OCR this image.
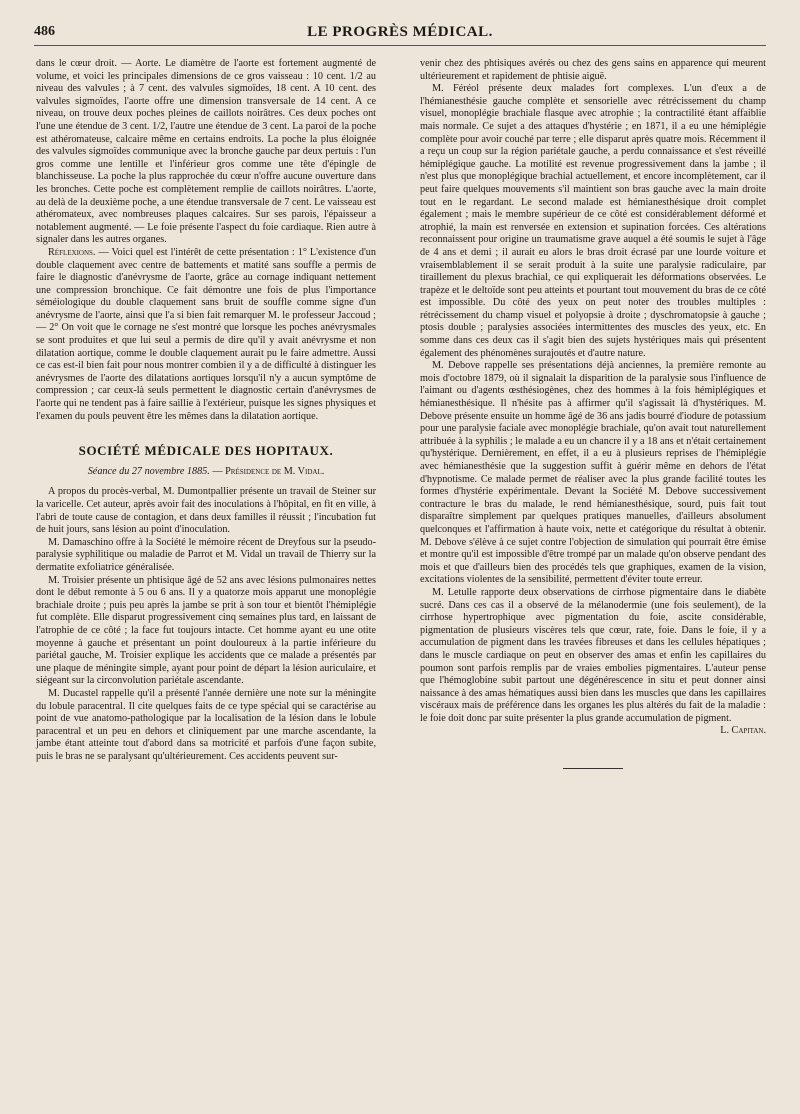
486	LE PROGRÈS MÉDICAL.

dans le cœur droit. — Aorte. Le diamètre de l'aorte est fortement augmenté de volume, et voici les principales dimensions de ce gros vaisseau : 10 cent. 1/2 au niveau des valvules ; à 7 cent. des valvules sigmoïdes, 18 cent. A 10 cent. des valvules sigmoïdes, l'aorte offre une dimension transversale de 14 cent. A ce niveau, on trouve deux poches pleines de caillots noirâtres. Ces deux poches ont l'une une étendue de 3 cent. 1/2, l'autre une étendue de 3 cent. La paroi de la poche est athéromateuse, calcaire même en certains endroits. La poche la plus éloignée des valvules sigmoïdes communique avec la bronche gauche par deux pertuis : l'un gros comme une lentille et l'inférieur gros comme une tête d'épingle de blanchisseuse. La poche la plus rapprochée du cœur n'offre aucune ouverture dans les bronches. Cette poche est complètement remplie de caillots noirâtres. L'aorte, au delà de la deuxième poche, a une étendue transversale de 7 cent. Le vaisseau est athéromateux, avec nombreuses plaques calcaires. Sur ses parois, l'épaisseur a notablement augmenté. — Le foie présente l'aspect du foie cardiaque. Rien autre à signaler dans les autres organes.

Réflexions. — Voici quel est l'intérêt de cette présentation : 1° L'existence d'un double claquement avec centre de battements et matité sans souffle a permis de faire le diagnostic d'anévrysme de l'aorte, grâce au cornage indiquant nettement une compression bronchique. Ce fait démontre une fois de plus l'importance séméiologique du double claquement sans bruit de souffle comme signe d'un anévrysme de l'aorte, ainsi que l'a si bien fait remarquer M. le professeur Jaccoud ; — 2° On voit que le cornage ne s'est montré que lorsque les poches anévrysmales se sont produites et que lui seul a permis de dire qu'il y avait anévrysme et non dilatation aortique, comme le double claquement aurait pu le faire admettre. Aussi ce cas est-il bien fait pour nous montrer combien il y a de difficulté à distinguer les anévrysmes de l'aorte des dilatations aortiques lorsqu'il n'y a aucun symptôme de compression ; car ceux-là seuls permettent le diagnostic certain d'anévrysmes de l'aorte qui ne tendent pas à faire saillie à l'extérieur, puisque les signes physiques et l'examen du pouls peuvent être les mêmes dans la dilatation aortique.

SOCIÉTÉ MÉDICALE DES HOPITAUX.
Séance du 27 novembre 1885. — Présidence de M. Vidal.

A propos du procès-verbal, M. Dumontpallier présente un travail de Steiner sur la varicelle. Cet auteur, après avoir fait des inoculations à l'hôpital, en fit en ville, à l'abri de toute cause de contagion, et dans deux familles il réussit ; l'incubation fut de huit jours, sans lésion au point d'inoculation.

M. Damaschino offre à la Société le mémoire récent de Dreyfous sur la pseudo-paralysie syphilitique ou maladie de Parrot et M. Vidal un travail de Thierry sur la dermatite exfoliatrice généralisée.

M. Troisier présente un phtisique âgé de 52 ans avec lésions pulmonaires nettes dont le début remonte à 5 ou 6 ans. Il y a quatorze mois apparut une monoplégie brachiale droite ; puis peu après la jambe se prit à son tour et bientôt l'hémiplégie fut complète. Elle disparut progressivement cinq semaines plus tard, en laissant de l'atrophie de ce côté ; la face fut toujours intacte. Cet homme ayant eu une otite moyenne à gauche et présentant un point douloureux à la partie inférieure du pariétal gauche, M. Troisier explique les accidents que ce malade a présentés par une plaque de méningite simple, ayant pour point de départ la lésion auriculaire, et siégeant sur la circonvolution pariétale ascendante.

M. Ducastel rappelle qu'il a présenté l'année dernière une note sur la méningite du lobule paracentral. Il cite quelques faits de ce type spécial qui se caractérise au point de vue anatomo-pathologique par la localisation de la lésion dans le lobule paracentral et un peu en dehors et cliniquement par une marche ascendante, la jambe étant atteinte tout d'abord dans sa motricité et parfois d'une façon subite, puis le bras ne se paralysant qu'ultérieurement. Ces accidents peuvent sur-

venir chez des phtisiques avérés ou chez des gens sains en apparence qui meurent ultérieurement et rapidement de phtisie aiguë.

M. Féréol présente deux malades fort complexes. L'un d'eux a de l'hémianesthésie gauche complète et sensorielle avec rétrécissement du champ visuel, monoplégie brachiale flasque avec atrophie ; la contractilité étant affaiblie mais normale. Ce sujet a des attaques d'hystérie ; en 1871, il a eu une hémiplégie complète pour avoir couché par terre ; elle disparut après quatre mois. Récemment il a reçu un coup sur la région pariétale gauche, a perdu connaissance et s'est réveillé hémiplégique gauche. La motilité est revenue progressivement dans la jambe ; il n'est plus que monoplégique brachial actuellement, et encore incomplètement, car il peut faire quelques mouvements s'il maintient son bras gauche avec la main droite tout en le regardant. Le second malade est hémianesthésique droit complet également ; mais le membre supérieur de ce côté est considérablement déformé et atrophié, la main est renversée en extension et supination forcées. Ces altérations reconnaissent pour origine un traumatisme grave auquel a été soumis le sujet à l'âge de 4 ans et demi ; il aurait eu alors le bras droit écrasé par une lourde voiture et vraisemblablement il se serait produit à la suite une paralysie radiculaire, par tiraillement du plexus brachial, ce qui expliquerait les déformations observées. Le trapèze et le deltoïde sont peu atteints et pourtant tout mouvement du bras de ce côté est impossible. Du côté des yeux on peut noter des troubles multiples : rétrécissement du champ visuel et polyopsie à droite ; dyschromatopsie à gauche ; ptosis double ; paralysies associées intermittentes des muscles des yeux, etc. En somme dans ces deux cas il s'agit bien des sujets hystériques mais qui présentent également des phénomènes surajoutés et d'autre nature.

M. Debove rappelle ses présentations déjà anciennes, la première remonte au mois d'octobre 1879, où il signalait la disparition de la paralysie sous l'influence de l'aimant ou d'agents œsthésiogènes, chez des hommes à la fois hémiplégiques et hémianesthésique. Il n'hésite pas à affirmer qu'il s'agissait là d'hystériques. M. Debove présente ensuite un homme âgé de 36 ans jadis bourré d'iodure de potassium pour une paralysie faciale avec monoplégie brachiale, qu'on avait tout naturellement attribuée à la syphilis ; le malade a eu un chancre il y a 18 ans et n'était certainement qu'hystérique. Dernièrement, en effet, il a eu à plusieurs reprises de l'hémiplégie avec hémianesthésie que la suggestion suffit à guérir même en dehors de l'état d'hypnotisme. Ce malade permet de réaliser avec la plus grande facilité toutes les formes d'hystérie expérimentale. Devant la Société M. Debove successivement contracture le bras du malade, le rend hémianesthésique, sourd, puis fait tout disparaître simplement par quelques pratiques manuelles, d'ailleurs absolument quelconques et l'affirmation à haute voix, nette et catégorique du résultat à obtenir. M. Debove s'élève à ce sujet contre l'objection de simulation qui pourrait être émise et montre qu'il est impossible d'être trompé par un malade qu'on observe pendant des mois et que d'ailleurs bien des procédés tels que graphiques, examen de la vision, excitations violentes de la sensibilité, permettent d'éviter toute erreur.

M. Letulle rapporte deux observations de cirrhose pigmentaire dans le diabète sucré. Dans ces cas il a observé de la mélanodermie (une fois seulement), de la cirrhose hypertrophique avec pigmentation du foie, ascite considérable, pigmentation de plusieurs viscères tels que cœur, rate, foie. Dans le foie, il y a accumulation de pigment dans les travées fibreuses et dans les cellules hépatiques ; dans le muscle cardiaque on peut en observer des amas et enfin les capillaires du poumon sont parfois remplis par de vraies embolies pigmentaires. L'auteur pense que l'hémoglobine subit partout une dégénérescence in situ et peut donner ainsi naissance à des amas hématiques aussi bien dans les muscles que dans les capillaires viscéraux mais de préférence dans les organes les plus altérés du fait de la maladie : le foie doit donc par suite présenter la plus grande accumulation de pigment.

L. Capitan.
